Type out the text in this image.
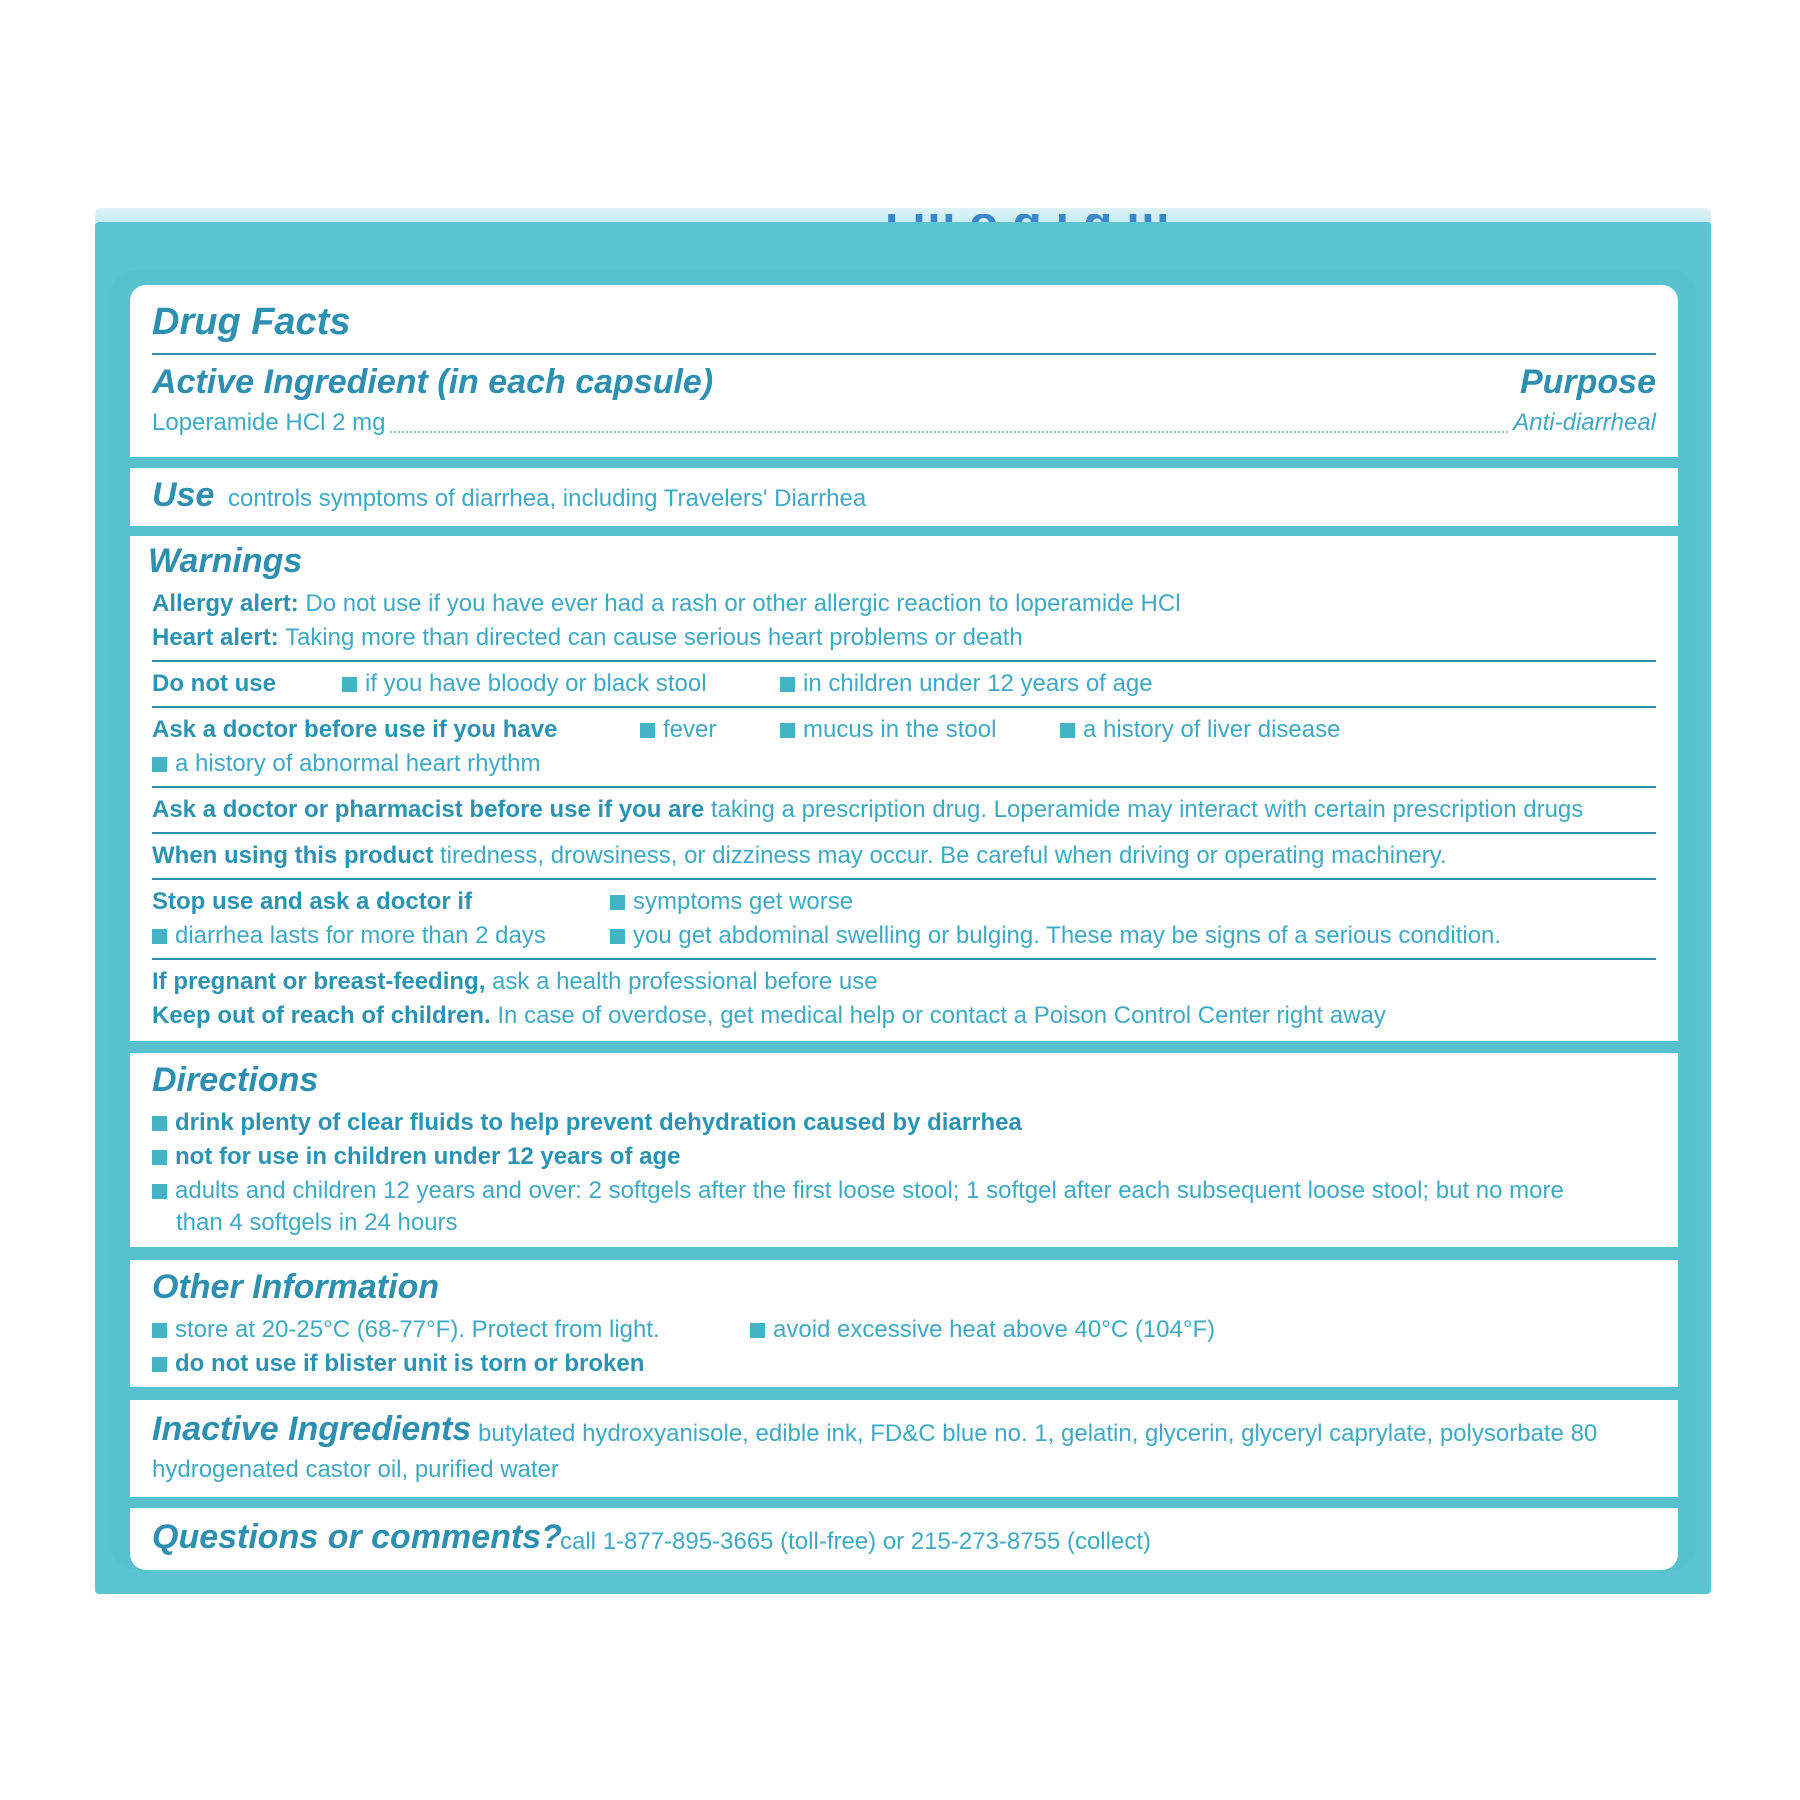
Drug Facts
Active Ingredient (in each capsule)	Purpose
Loperamide HCl 2 mg	Anti-diarrheal
Use controls symptoms of diarrhea, including Travelers' Diarrhea
Warnings
Allergy alert: Do not use if you have ever had a rash or other allergic reaction to loperamide HCl
Heart alert: Taking more than directed can cause serious heart problems or death
Do not use	if you have bloody or black stool	in children under 12 years of age
Ask a doctor before use if you have	fever	mucus in the stool	a history of liver disease
a history of abnormal heart rhythm
Ask a doctor or pharmacist before use if you are taking a prescription drug. Loperamide may interact with certain prescription drugs
When using this product tiredness, drowsiness, or dizziness may occur. Be careful when driving or operating machinery.
Stop use and ask a doctor if	symptoms get worse
diarrhea lasts for more than 2 days	you get abdominal swelling or bulging. These may be signs of a serious condition.
If pregnant or breast-feeding, ask a health professional before use
Keep out of reach of children. In case of overdose, get medical help or contact a Poison Control Center right away
Directions
drink plenty of clear fluids to help prevent dehydration caused by diarrhea
not for use in children under 12 years of age
adults and children 12 years and over: 2 softgels after the first loose stool; 1 softgel after each subsequent loose stool; but no more
than 4 softgels in 24 hours
Other Information
store at 20-25°C (68-77°F). Protect from light.	avoid excessive heat above 40°C (104°F)
do not use if blister unit is torn or broken
Inactive Ingredients butylated hydroxyanisole, edible ink, FD&C blue no. 1, gelatin, glycerin, glyceryl caprylate, polysorbate 80
hydrogenated castor oil, purified water
Questions or comments?
call 1-877-895-3665 (toll-free) or 215-273-8755 (collect)
